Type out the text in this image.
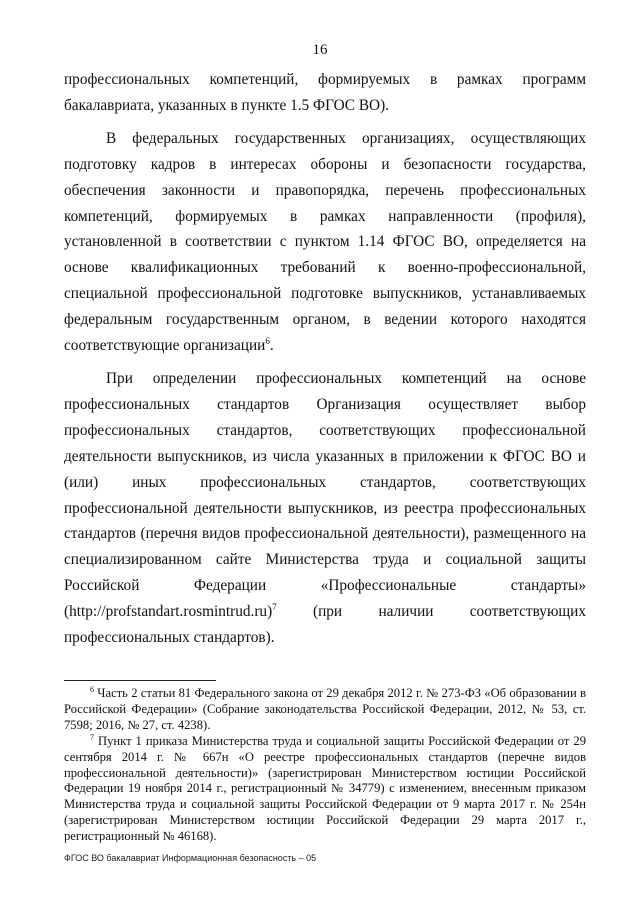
16

профессиональных компетенций, формируемых в рамках программ бакалавриата, указанных в пункте 1.5 ФГОС ВО).

В федеральных государственных организациях, осуществляющих подготовку кадров в интересах обороны и безопасности государства, обеспечения законности и правопорядка, перечень профессиональных компетенций, формируемых в рамках направленности (профиля), установленной в соответствии с пунктом 1.14 ФГОС ВО, определяется на основе квалификационных требований к военно-профессиональной, специальной профессиональной подготовке выпускников, устанавливаемых федеральным государственным органом, в ведении которого находятся соответствующие организации$^6$.

При определении профессиональных компетенций на основе профессиональных стандартов Организация осуществляет выбор профессиональных стандартов, соответствующих профессиональной деятельности выпускников, из числа указанных в приложении к ФГОС ВО и (или) иных профессиональных стандартов, соответствующих профессиональной деятельности выпускников, из реестра профессиональных стандартов (перечня видов профессиональной деятельности), размещенного на специализированном сайте Министерства труда и социальной защиты Российской Федерации «Профессиональные стандарты» (http://profstandart.rosmintrud.ru)$^7$ (при наличии соответствующих профессиональных стандартов).

$^6$ Часть 2 статьи 81 Федерального закона от 29 декабря 2012 г. № 273-ФЗ «Об образовании в Российской Федерации» (Собрание законодательства Российской Федерации, 2012, № 53, ст. 7598; 2016, № 27, ст. 4238).

$^7$ Пункт 1 приказа Министерства труда и социальной защиты Российской Федерации от 29 сентября 2014 г. № 667н «О реестре профессиональных стандартов (перечне видов профессиональной деятельности)» (зарегистрирован Министерством юстиции Российской Федерации 19 ноября 2014 г., регистрационный № 34779) с изменением, внесенным приказом Министерства труда и социальной защиты Российской Федерации от 9 марта 2017 г. № 254н (зарегистрирован Министерством юстиции Российской Федерации 29 марта 2017 г., регистрационный № 46168).

ФГОС ВО бакалавриат Информационная безопасность – 05
